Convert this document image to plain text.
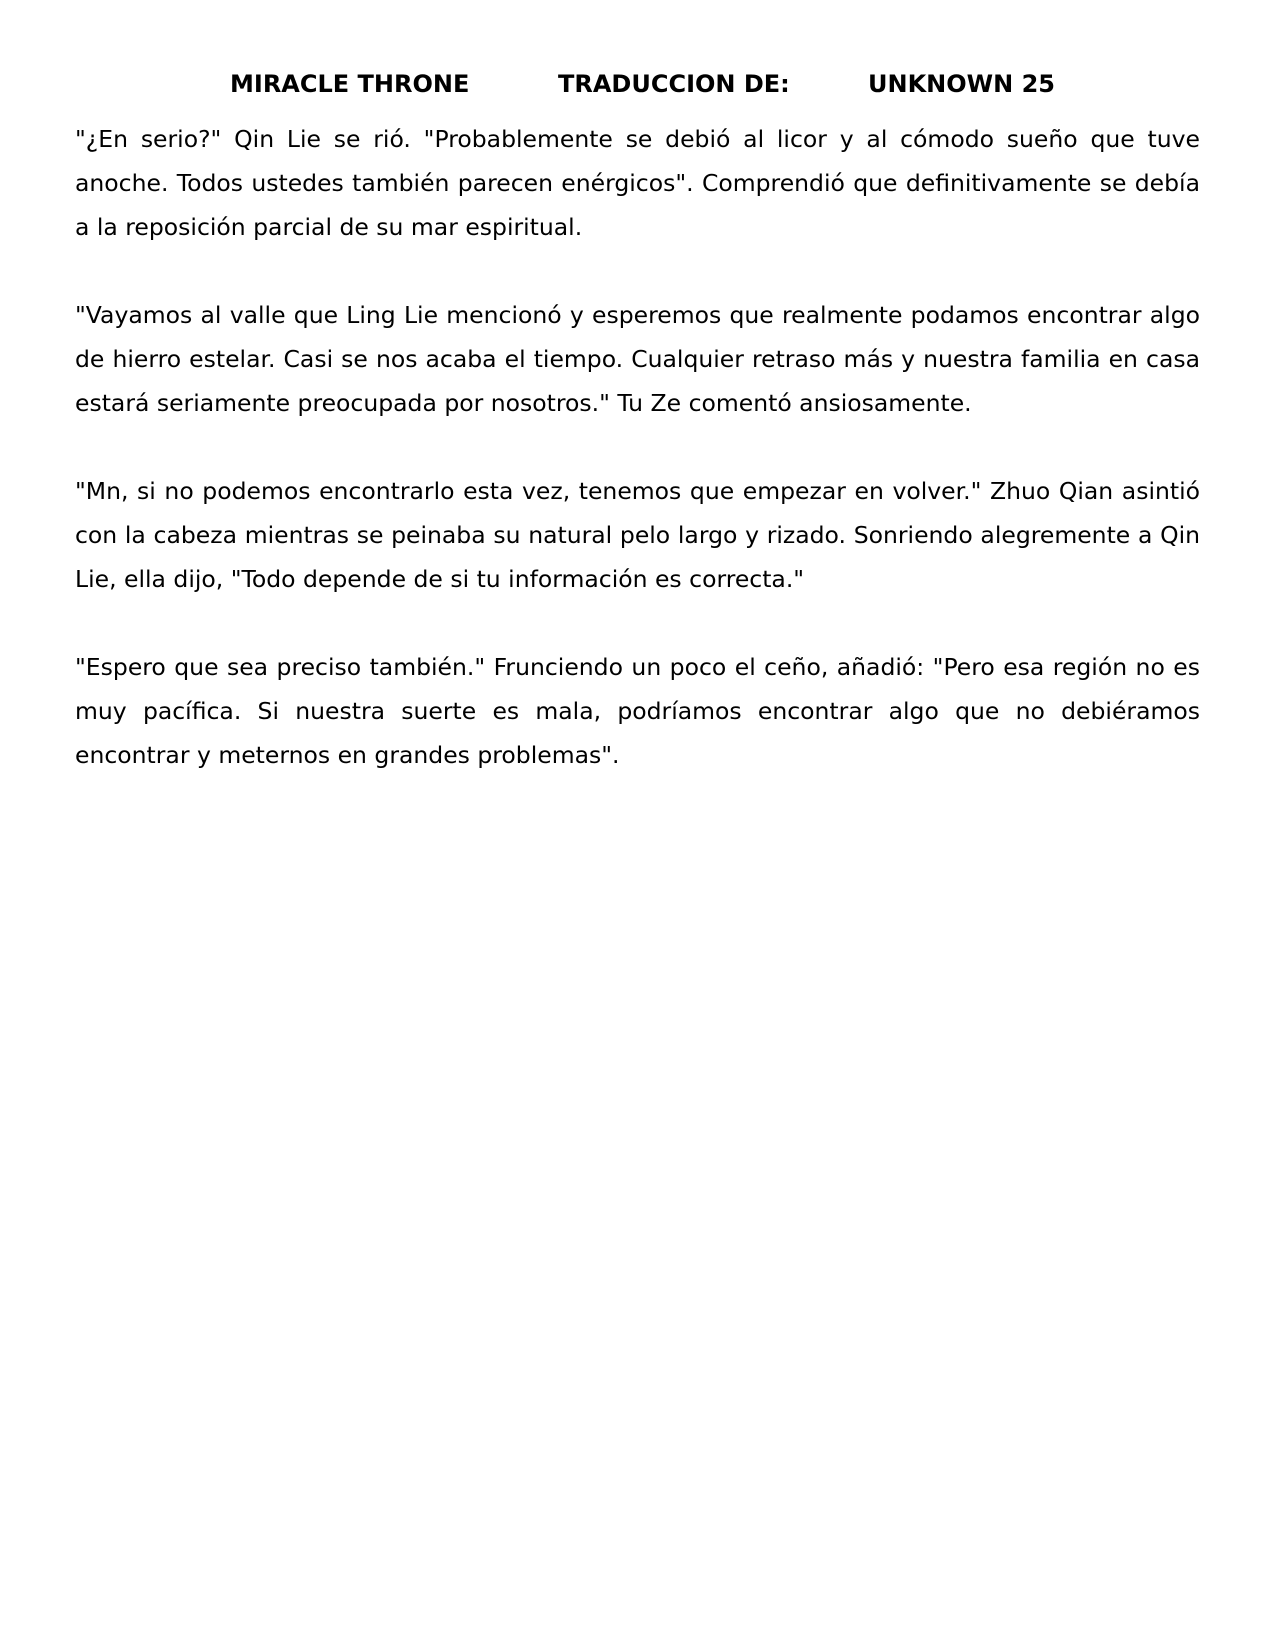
MIRACLE THRONE	TRADUCCION DE:	UNKNOWN 25

"¿En serio?" Qin Lie se rió. "Probablemente se debió al licor y al cómodo sueño que tuve anoche. Todos ustedes también parecen enérgicos". Comprendió que definitivamente se debía a la reposición parcial de su mar espiritual.

"Vayamos al valle que Ling Lie mencionó y esperemos que realmente podamos encontrar algo de hierro estelar. Casi se nos acaba el tiempo. Cualquier retraso más y nuestra familia en casa estará seriamente preocupada por nosotros." Tu Ze comentó ansiosamente.

"Mn, si no podemos encontrarlo esta vez, tenemos que empezar en volver." Zhuo Qian asintió con la cabeza mientras se peinaba su natural pelo largo y rizado. Sonriendo alegremente a Qin Lie, ella dijo, "Todo depende de si tu información es correcta."

"Espero que sea preciso también." Frunciendo un poco el ceño, añadió: "Pero esa región no es muy pacífica. Si nuestra suerte es mala, podríamos encontrar algo que no debiéramos encontrar y meternos en grandes problemas".
